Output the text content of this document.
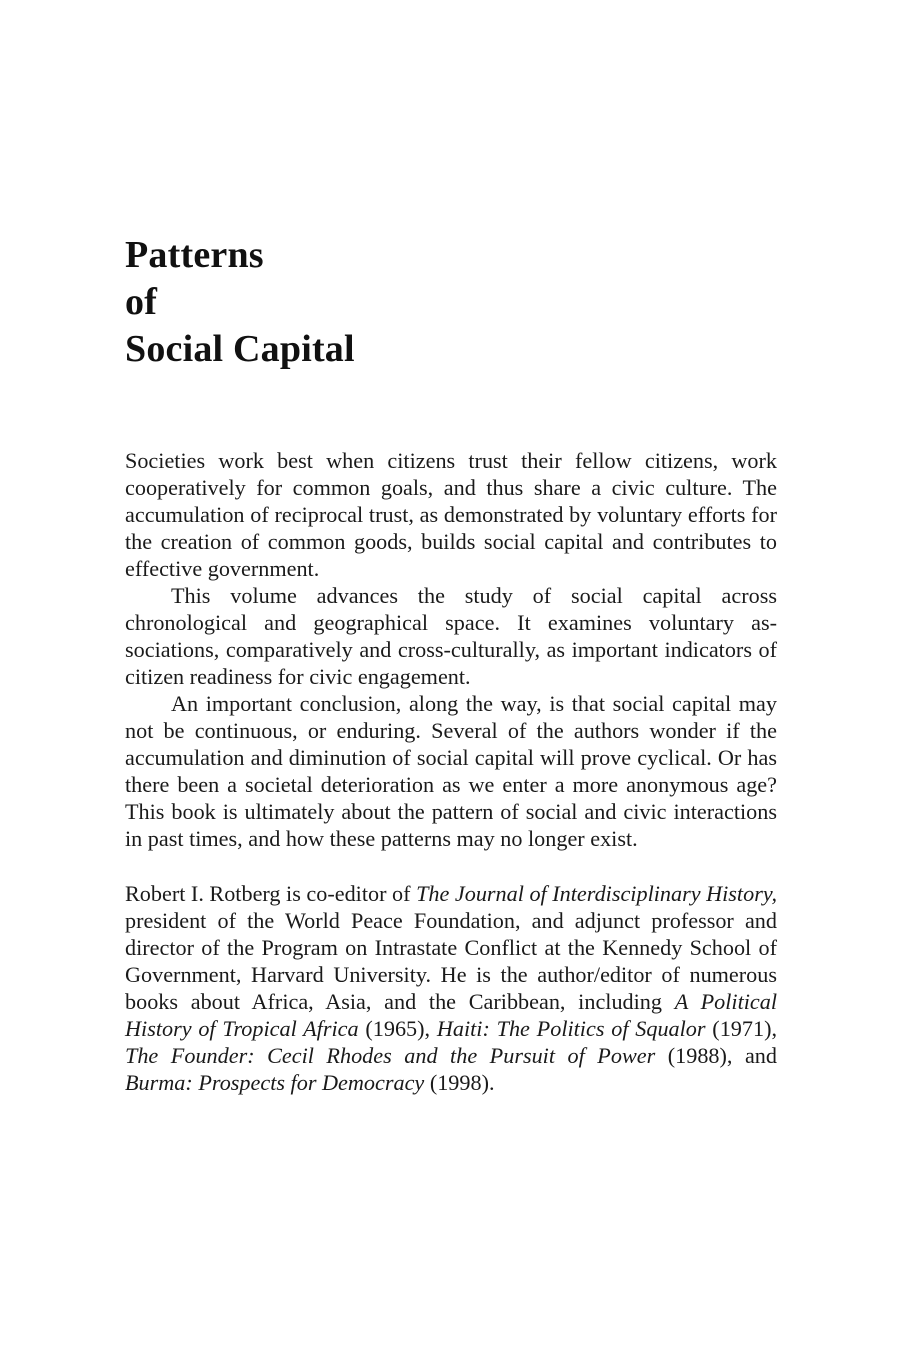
Patterns
of
Social Capital

Societies work best when citizens trust their fellow citizens, work cooperatively for common goals, and thus share a civic culture. The accumulation of reciprocal trust, as demonstrated by voluntary efforts for the creation of common goods, builds social capital and contributes to effective government.

This volume advances the study of social capital across chronological and geographical space. It examines voluntary associations, comparatively and cross-culturally, as important indicators of citizen readiness for civic engagement.

An important conclusion, along the way, is that social capital may not be continuous, or enduring. Several of the authors wonder if the accumulation and diminution of social capital will prove cyclical. Or has there been a societal deterioration as we enter a more anonymous age? This book is ultimately about the pattern of social and civic interactions in past times, and how these patterns may no longer exist.

Robert I. Rotberg is co-editor of The Journal of Interdisciplinary History, president of the World Peace Foundation, and adjunct professor and director of the Program on Intrastate Conflict at the Kennedy School of Government, Harvard University. He is the author/editor of numerous books about Africa, Asia, and the Caribbean, including A Political History of Tropical Africa (1965), Haiti: The Politics of Squalor (1971), The Founder: Cecil Rhodes and the Pursuit of Power (1988), and Burma: Prospects for Democracy (1998).
